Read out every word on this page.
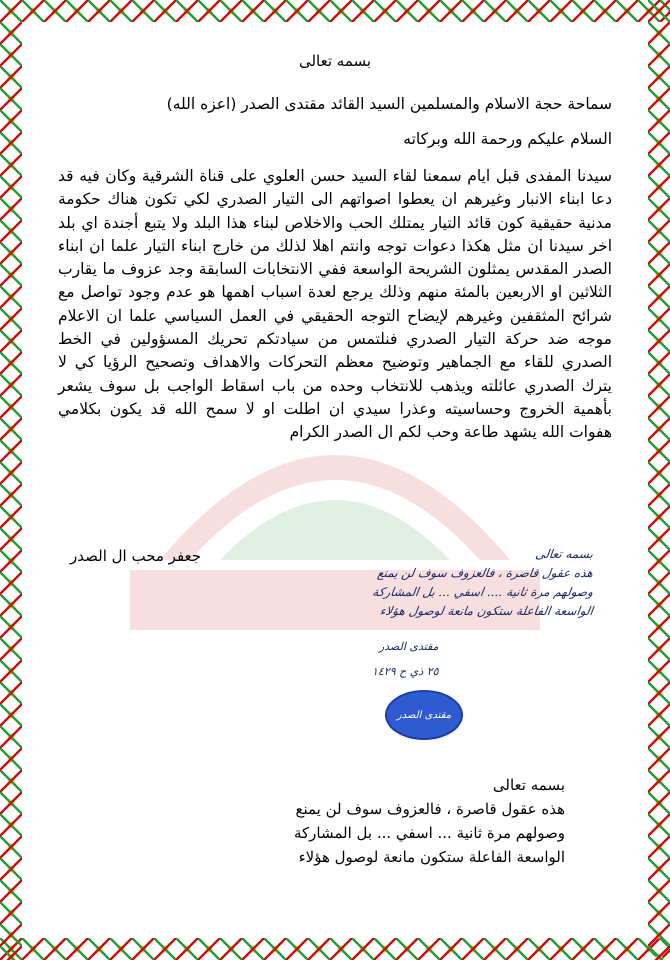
بسمه تعالى
سماحة حجة الاسلام والمسلمين السيد القائد مقتدى الصدر (اعزه الله)
السلام عليكم ورحمة الله وبركاته
سيدنا المفدى قبل ايام سمعنا لقاء السيد حسن العلوي على قناة الشرقية وكان فيه قد دعا ابناء الانبار وغيرهم ان يعطوا اصواتهم الى التيار الصدري لكي تكون هناك حكومة مدنية حقيقية كون قائد التيار يمتلك الحب والاخلاص لبناء هذا البلد ولا يتبع أجندة اي بلد اخر سيدنا ان مثل هكذا دعوات توجه وانتم اهلا لذلك من خارج ابناء التيار علما ان ابناء الصدر المقدس يمثلون الشريحة الواسعة ففي الانتخابات السابقة وجد عزوف ما يقارب الثلاثين او الاربعين بالمئة منهم وذلك يرجع لعدة اسباب اهمها هو عدم وجود تواصل مع شرائح المثقفين وغيرهم لإيضاح التوجه الحقيقي في العمل السياسي علما ان الاعلام موجه ضد حركة التيار الصدري فنلتمس من سيادتكم تحريك المسؤولين في الخط الصدري للقاء مع الجماهير وتوضيح معظم التحركات والاهداف وتصحيح الرؤيا كي لا يترك الصدري عائلته ويذهب للانتخاب وحده من باب اسقاط الواجب بل سوف يشعر بأهمية الخروج وحساسيته وعذرا سيدي ان اطلت او لا سمح الله قد يكون بكلامي هفوات الله يشهد طاعة وحب لكم ال الصدر الكرام
جعفر محب ال الصدر	بسمه تعالى
هذه عقول قاصرة ، فالعزوف سوف لن يمنع
وصولهم مرة ثانية .... اسفي ... بل المشاركة
الواسعة الفاعلة ستكون مانعة لوصول هؤلاء
مقتدى الصدر
٢٥ ذي ح ١٤٢٩
مقتدى الصدر
بسمه تعالى
هذه عقول قاصرة ، فالعزوف سوف لن يمنع
وصولهم مرة ثانية ... اسفي ... بل المشاركة
الواسعة الفاعلة ستكون مانعة لوصول هؤلاء
